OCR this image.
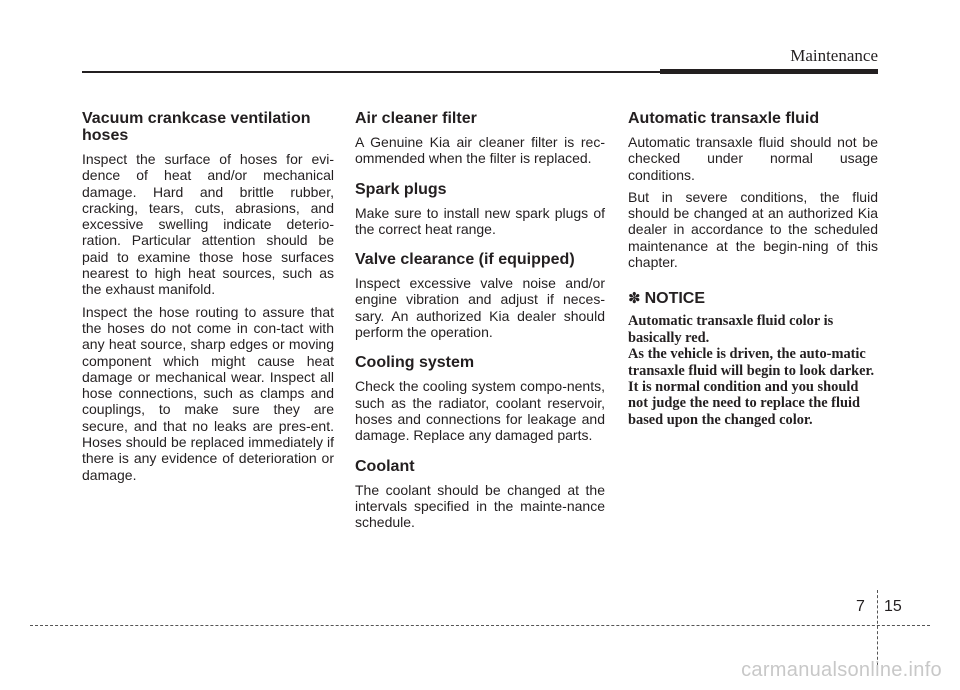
Maintenance
Vacuum crankcase ventilation hoses

Inspect the surface of hoses for evi-dence of heat and/or mechanical damage. Hard and brittle rubber, cracking, tears, cuts, abrasions, and excessive swelling indicate deterio-ration. Particular attention should be paid to examine those hose surfaces nearest to high heat sources, such as the exhaust manifold.

Inspect the hose routing to assure that the hoses do not come in con-tact with any heat source, sharp edges or moving component which might cause heat damage or mechanical wear. Inspect all hose connections, such as clamps and couplings, to make sure they are secure, and that no leaks are pres-ent. Hoses should be replaced immediately if there is any evidence of deterioration or damage.

Air cleaner filter

A Genuine Kia air cleaner filter is rec-ommended when the filter is replaced.

Spark plugs

Make sure to install new spark plugs of the correct heat range.

Valve clearance (if equipped)

Inspect excessive valve noise and/or engine vibration and adjust if neces-sary. An authorized Kia dealer should perform the operation.

Cooling system

Check the cooling system compo-nents, such as the radiator, coolant reservoir, hoses and connections for leakage and damage. Replace any damaged parts.

Coolant

The coolant should be changed at the intervals specified in the mainte-nance schedule.

Automatic transaxle fluid

Automatic transaxle fluid should not be checked under normal usage conditions.

But in severe conditions, the fluid should be changed at an authorized Kia dealer in accordance to the scheduled maintenance at the begin-ning of this chapter.

✽ NOTICE

Automatic transaxle fluid color is basically red.

As the vehicle is driven, the auto-matic transaxle fluid will begin to look darker.

It is normal condition and you should not judge the need to replace the fluid based upon the changed color.

7 15
carmanualsonline.info
